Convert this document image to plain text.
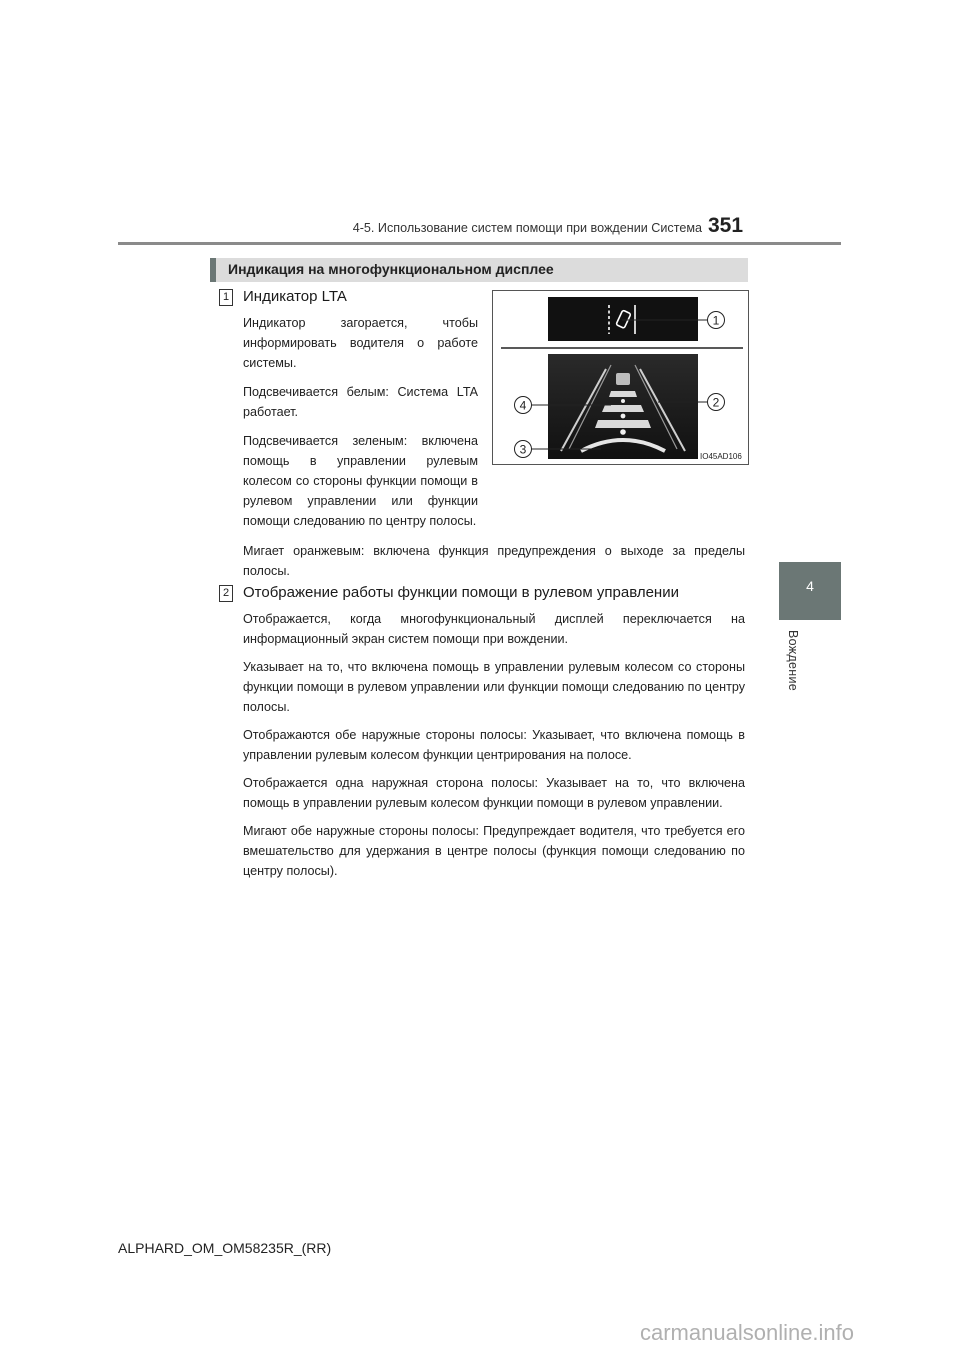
4-5. Использование систем помощи при вождении Система 351
4
Вождение
Индикация на многофункциональном дисплее
1 Индикатор LTA

Индикатор загорается, чтобы информировать водителя о работе системы.

Подсвечивается белым: Система LTA работает.

Подсвечивается зеленым: включена помощь в управлении рулевым колесом со стороны функции помощи в рулевом управлении или функции помощи следованию по центру полосы.

Мигает оранжевым: включена функция предупреждения о выходе за пределы полосы.

1
2
3
4
IO45AD106
2 Отображение работы функции помощи в рулевом управлении

Отображается, когда многофункциональный дисплей переключается на информационный экран систем помощи при вождении.

Указывает на то, что включена помощь в управлении рулевым колесом со стороны функции помощи в рулевом управлении или функции помощи следованию по центру полосы.

Отображаются обе наружные стороны полосы: Указывает, что включена помощь в управлении рулевым колесом функции центрирования на полосе.

Отображается одна наружная сторона полосы: Указывает на то, что включена помощь в управлении рулевым колесом функции помощи в рулевом управлении.

Мигают обе наружные стороны полосы: Предупреждает водителя, что требуется его вмешательство для удержания в центре полосы (функция помощи следованию по центру полосы).

ALPHARD_OM_OM58235R_(RR)
carmanualsonline.info
